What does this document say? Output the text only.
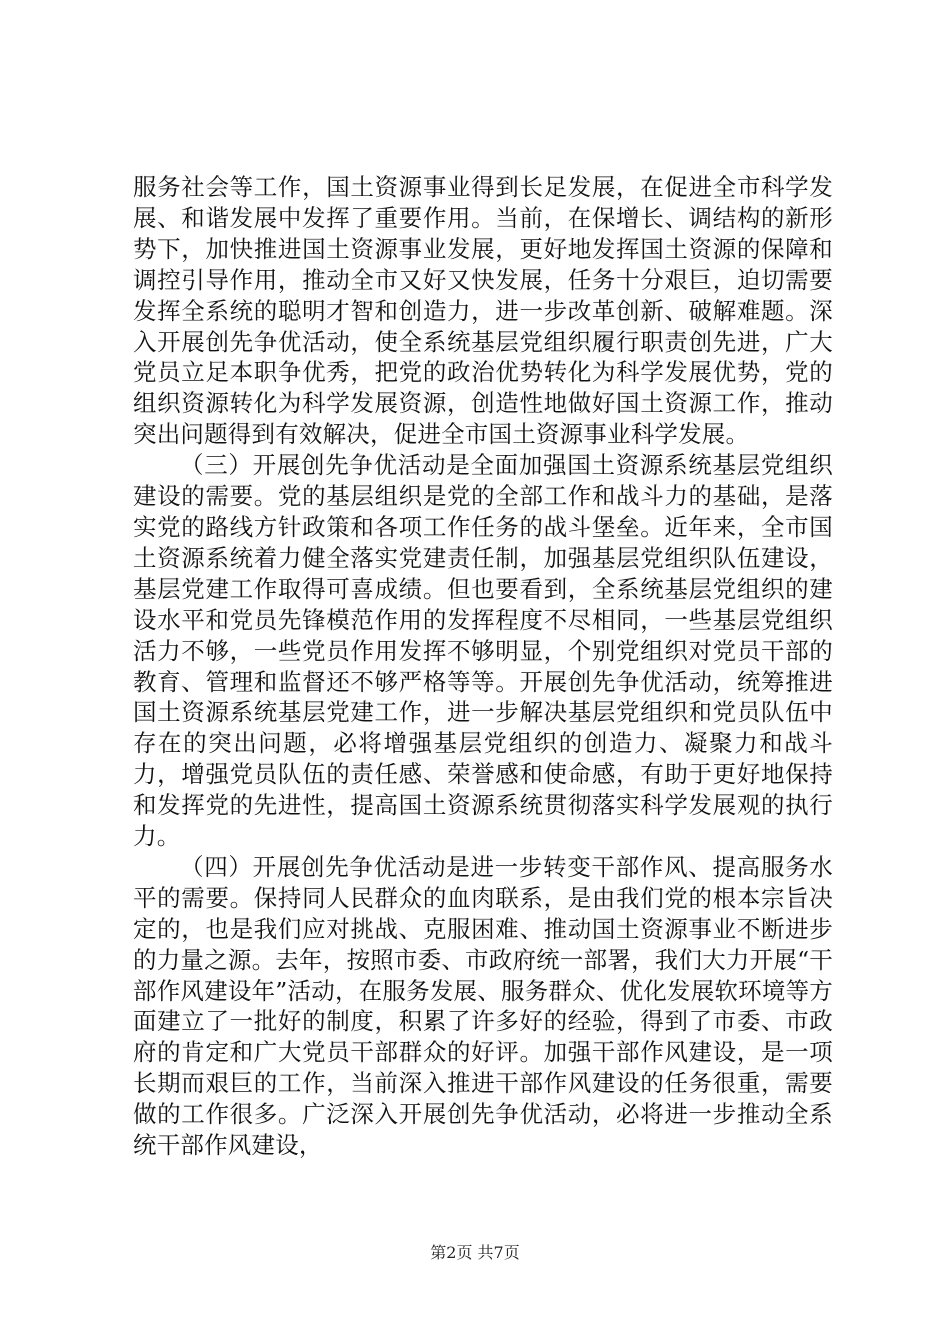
服务社会等工作，国土资源事业得到长足发展，在促进全市科学发展、和谐发展中发挥了重要作用。当前，在保增长、调结构的新形势下，加快推进国土资源事业发展，更好地发挥国土资源的保障和调控引导作用，推动全市又好又快发展，任务十分艰巨，迫切需要发挥全系统的聪明才智和创造力，进一步改革创新、破解难题。深入开展创先争优活动，使全系统基层党组织履行职责创先进，广大党员立足本职争优秀，把党的政治优势转化为科学发展优势，党的组织资源转化为科学发展资源，创造性地做好国土资源工作，推动突出问题得到有效解决，促进全市国土资源事业科学发展。

（三）开展创先争优活动是全面加强国土资源系统基层党组织建设的需要。党的基层组织是党的全部工作和战斗力的基础，是落实党的路线方针政策和各项工作任务的战斗堡垒。近年来，全市国土资源系统着力健全落实党建责任制，加强基层党组织队伍建设，基层党建工作取得可喜成绩。但也要看到，全系统基层党组织的建设水平和党员先锋模范作用的发挥程度不尽相同，一些基层党组织活力不够，一些党员作用发挥不够明显，个别党组织对党员干部的教育、管理和监督还不够严格等等。开展创先争优活动，统筹推进国土资源系统基层党建工作，进一步解决基层党组织和党员队伍中存在的突出问题，必将增强基层党组织的创造力、凝聚力和战斗力，增强党员队伍的责任感、荣誉感和使命感，有助于更好地保持和发挥党的先进性，提高国土资源系统贯彻落实科学发展观的执行力。

（四）开展创先争优活动是进一步转变干部作风、提高服务水平的需要。保持同人民群众的血肉联系，是由我们党的根本宗旨决定的，也是我们应对挑战、克服困难、推动国土资源事业不断进步的力量之源。去年，按照市委、市政府统一部署，我们大力开展“干部作风建设年”活动，在服务发展、服务群众、优化发展软环境等方面建立了一批好的制度，积累了许多好的经验，得到了市委、市政府的肯定和广大党员干部群众的好评。加强干部作风建设，是一项长期而艰巨的工作，当前深入推进干部作风建设的任务很重，需要做的工作很多。广泛深入开展创先争优活动，必将进一步推动全系统干部作风建设，

第2页 共7页
